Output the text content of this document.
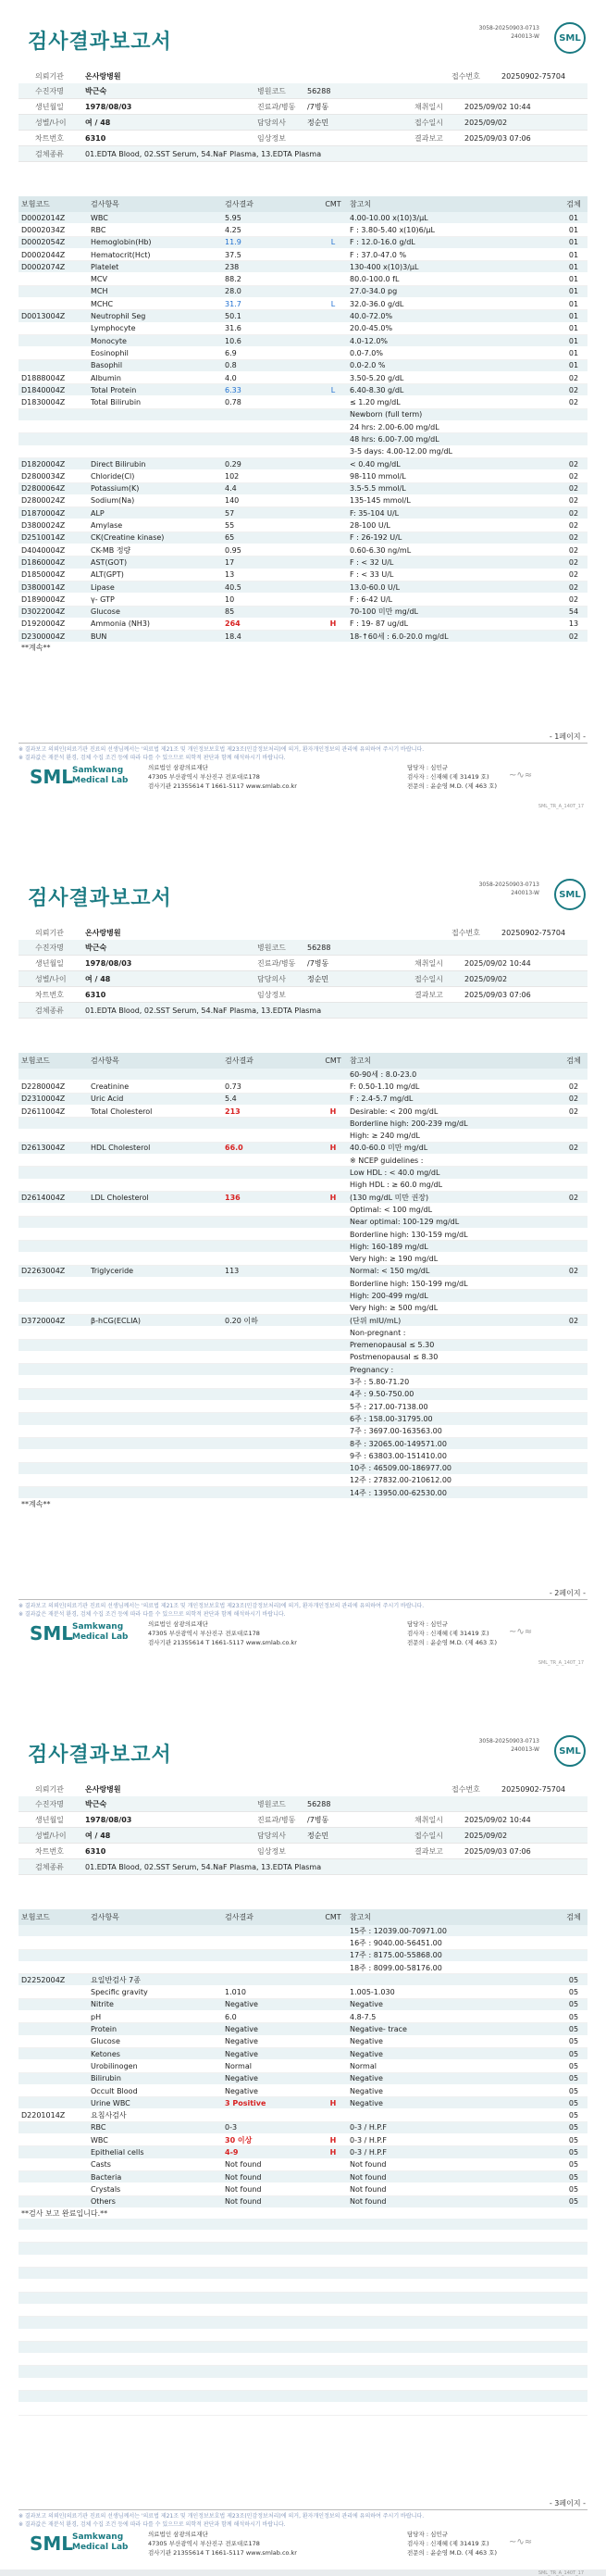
3058-20250903-0713
240013-W
검사결과보고서	SML
의뢰기관	온사랑병원	접수번호	20250902-75704
수진자명	박근숙	병원코드	56288
생년월일	1978/08/03	진료과/병동	/7병동	채취일시	2025/09/02 10:44
성별/나이	여 / 48	담당의사	정순민	접수일시	2025/09/02
차트번호	6310	임상정보	결과보고	2025/09/03 07:06
검체종류	01.EDTA Blood, 02.SST Serum, 54.NaF Plasma, 13.EDTA Plasma
보험코드	검사항목	검사결과	CMT	참고치	검체
D0002014Z	WBC	5.95	4.00-10.00 x(10)3/μL	01
D0002034Z	RBC	4.25	F : 3.80-5.40 x(10)6/μL	01
D0002054Z	Hemoglobin(Hb)	11.9	L	F : 12.0-16.0 g/dL	01
D0002044Z	Hematocrit(Hct)	37.5	F : 37.0-47.0 %	01
D0002074Z	Platelet	238	130-400 x(10)3/μL	01
MCV	88.2	80.0-100.0 fL	01
MCH	28.0	27.0-34.0 pg	01
MCHC	31.7	L	32.0-36.0 g/dL	01
D0013004Z	Neutrophil Seg	50.1	40.0-72.0%	01
Lymphocyte	31.6	20.0-45.0%	01
Monocyte	10.6	4.0-12.0%	01
Eosinophil	6.9	0.0-7.0%	01
Basophil	0.8	0.0-2.0 %	01
D1888004Z	Albumin	4.0	3.50-5.20 g/dL	02
D1840004Z	Total Protein	6.33	L	6.40-8.30 g/dL	02
D1830004Z	Total Bilirubin	0.78	≤ 1.20 mg/dL	02
Newborn (full term)
24 hrs: 2.00-6.00 mg/dL
48 hrs: 6.00-7.00 mg/dL
3-5 days: 4.00-12.00 mg/dL
D1820004Z	Direct Bilirubin	0.29	< 0.40 mg/dL	02
D2800034Z	Chloride(Cl)	102	98-110 mmol/L	02
D2800064Z	Potassium(K)	4.4	3.5-5.5 mmol/L	02
D2800024Z	Sodium(Na)	140	135-145 mmol/L	02
D1870004Z	ALP	57	F: 35-104 U/L	02
D3800024Z	Amylase	55	28-100 U/L	02
D2510014Z	CK(Creatine kinase)	65	F : 26-192 U/L	02
D4040004Z	CK-MB 정량	0.95	0.60-6.30 ng/mL	02
D1860004Z	AST(GOT)	17	F : < 32 U/L	02
D1850004Z	ALT(GPT)	13	F : < 33 U/L	02
D3800014Z	Lipase	40.5	13.0-60.0 U/L	02
D1890004Z	γ- GTP	10	F : 6-42 U/L	02
D3022004Z	Glucose	85	70-100 미만 mg/dL	54
D1920004Z	Ammonia (NH3)	264	H	F : 19- 87 ug/dL	13
D2300004Z	BUN	18.4	18-↑60세 : 6.0-20.0 mg/dL	02
**계속**
- 1페이지 -
※ 결과보고 의뢰인(의료기관 진료의 선생님께서는 '의료법 제21조 및 개인정보보호법 제23조(민감정보처리)에 의거, 환자개인정보의 관리에 유의하여 주시기 바랍니다.
※ 결과값은 재분석 환경, 검체 수집 조건 등에 따라 다를 수 있으므로 의학적 판단과 함께 해석하시기 바랍니다.
SML
Samkwang
Medical Lab
의료법인 삼광의료재단
47305 부산광역시 부산진구 전포대로178
검사기관 21355614 T 1661-5117 www.smlab.co.kr
담당자 : 심민규
검사자 : 신재혜 (제 31419 호)
전문의 : 윤순영 M.D. (제 463 호)
~∿≈
SML_TR_A_140T_17
3058-20250903-0713
240013-W
검사결과보고서	SML
의뢰기관	온사랑병원	접수번호	20250902-75704
수진자명	박근숙	병원코드	56288
생년월일	1978/08/03	진료과/병동	/7병동	채취일시	2025/09/02 10:44
성별/나이	여 / 48	담당의사	정순민	접수일시	2025/09/02
차트번호	6310	임상정보	결과보고	2025/09/03 07:06
검체종류	01.EDTA Blood, 02.SST Serum, 54.NaF Plasma, 13.EDTA Plasma
보험코드	검사항목	검사결과	CMT	참고치	검체
60-90세 : 8.0-23.0
D2280004Z	Creatinine	0.73	F: 0.50-1.10 mg/dL	02
D2310004Z	Uric Acid	5.4	F : 2.4-5.7 mg/dL	02
D2611004Z	Total Cholesterol	213	H	Desirable: < 200 mg/dL	02
Borderline high: 200-239 mg/dL
High: ≥ 240 mg/dL
D2613004Z	HDL Cholesterol	66.0	H	40.0-60.0 미만 mg/dL	02
※ NCEP guidelines :
Low HDL : < 40.0 mg/dL
High HDL : ≥ 60.0 mg/dL
D2614004Z	LDL Cholesterol	136	H	(130 mg/dL 미만 권장)	02
Optimal: < 100 mg/dL
Near optimal: 100-129 mg/dL
Borderline high: 130-159 mg/dL
High: 160-189 mg/dL
Very high: ≥ 190 mg/dL
D2263004Z	Triglyceride	113	Normal: < 150 mg/dL	02
Borderline high: 150-199 mg/dL
High: 200-499 mg/dL
Very high: ≥ 500 mg/dL
D3720004Z	β-hCG(ECLIA)	0.20 이하	(단위 mIU/mL)	02
Non-pregnant :
Premenopausal ≤ 5.30
Postmenopausal ≤ 8.30
Pregnancy :
3주 : 5.80-71.20
4주 : 9.50-750.00
5주 : 217.00-7138.00
6주 : 158.00-31795.00
7주 : 3697.00-163563.00
8주 : 32065.00-149571.00
9주 : 63803.00-151410.00
10주 : 46509.00-186977.00
12주 : 27832.00-210612.00
14주 : 13950.00-62530.00
**계속**
- 2페이지 -
※ 결과보고 의뢰인(의료기관 진료의 선생님께서는 '의료법 제21조 및 개인정보보호법 제23조(민감정보처리)에 의거, 환자개인정보의 관리에 유의하여 주시기 바랍니다.
※ 결과값은 재분석 환경, 검체 수집 조건 등에 따라 다를 수 있으므로 의학적 판단과 함께 해석하시기 바랍니다.
SML
Samkwang
Medical Lab
의료법인 삼광의료재단
47305 부산광역시 부산진구 전포대로178
검사기관 21355614 T 1661-5117 www.smlab.co.kr
담당자 : 심민규
검사자 : 신재혜 (제 31419 호)
전문의 : 윤순영 M.D. (제 463 호)
~∿≈
SML_TR_A_140T_17
3058-20250903-0713
240013-W
검사결과보고서	SML
의뢰기관	온사랑병원	접수번호	20250902-75704
수진자명	박근숙	병원코드	56288
생년월일	1978/08/03	진료과/병동	/7병동	채취일시	2025/09/02 10:44
성별/나이	여 / 48	담당의사	정순민	접수일시	2025/09/02
차트번호	6310	임상정보	결과보고	2025/09/03 07:06
검체종류	01.EDTA Blood, 02.SST Serum, 54.NaF Plasma, 13.EDTA Plasma
보험코드	검사항목	검사결과	CMT	참고치	검체
15주 : 12039.00-70971.00
16주 : 9040.00-56451.00
17주 : 8175.00-55868.00
18주 : 8099.00-58176.00
D2252004Z	요일반검사 7종	05
Specific gravity	1.010	1.005-1.030	05
Nitrite	Negative	Negative	05
pH	6.0	4.8-7.5	05
Protein	Negative	Negative- trace	05
Glucose	Negative	Negative	05
Ketones	Negative	Negative	05
Urobilinogen	Normal	Normal	05
Bilirubin	Negative	Negative	05
Occult Blood	Negative	Negative	05
Urine WBC	3 Positive	H	Negative	05
D2201014Z	요침사검사	05
RBC	0-3	0-3 / H.P.F	05
WBC	30 이상	H	0-3 / H.P.F	05
Epithelial cells	4-9	H	0-3 / H.P.F	05
Casts	Not found	Not found	05
Bacteria	Not found	Not found	05
Crystals	Not found	Not found	05
Others	Not found	Not found	05
**검사 보고 완료입니다.**
- 3페이지 -
※ 결과보고 의뢰인(의료기관 진료의 선생님께서는 '의료법 제21조 및 개인정보보호법 제23조(민감정보처리)에 의거, 환자개인정보의 관리에 유의하여 주시기 바랍니다.
※ 결과값은 재분석 환경, 검체 수집 조건 등에 따라 다를 수 있으므로 의학적 판단과 함께 해석하시기 바랍니다.
SML
Samkwang
Medical Lab
의료법인 삼광의료재단
47305 부산광역시 부산진구 전포대로178
검사기관 21355614 T 1661-5117 www.smlab.co.kr
담당자 : 심민규
검사자 : 신재혜 (제 31419 호)
전문의 : 윤순영 M.D. (제 463 호)
~∿≈
SML_TR_A_140T_17
